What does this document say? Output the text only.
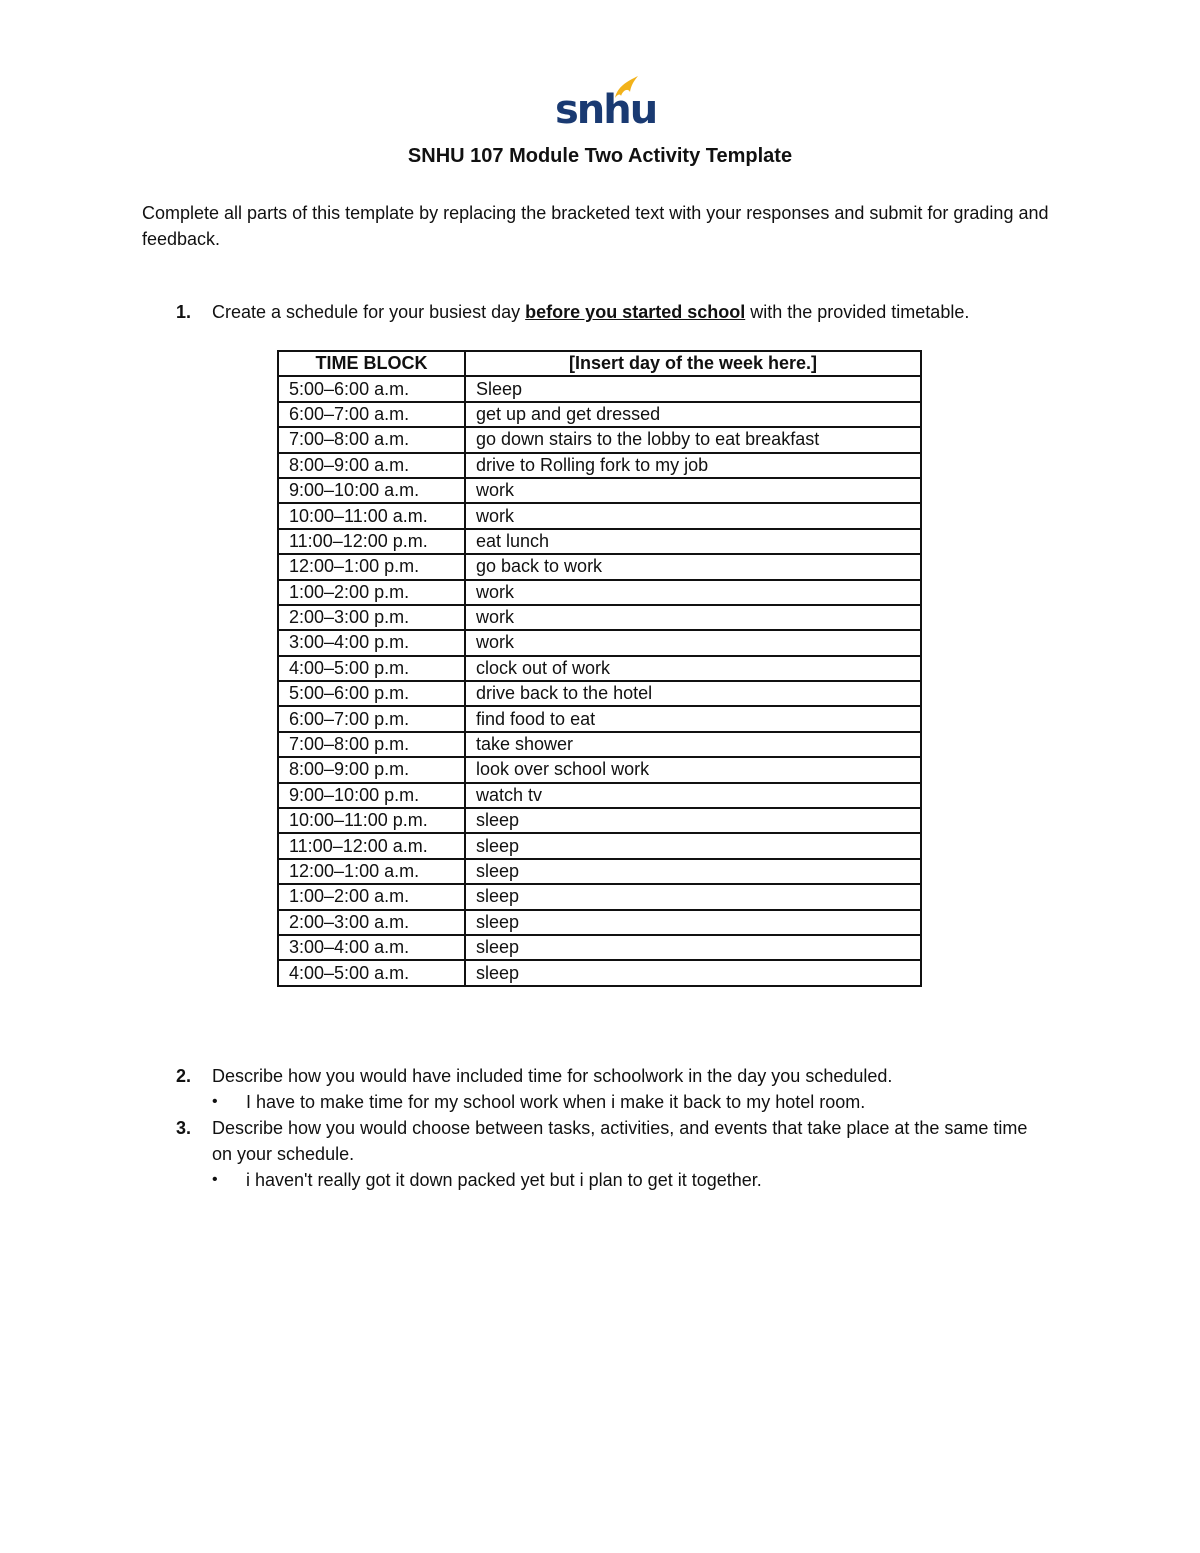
snhu
SNHU 107 Module Two Activity Template
Complete all parts of this template by replacing the bracketed text with your responses and submit for grading and feedback.
1. Create a schedule for your busiest day before you started school with the provided timetable.
TIME BLOCK	[Insert day of the week here.]
5:00–6:00 a.m.	Sleep
6:00–7:00 a.m.	get up and get dressed
7:00–8:00 a.m.	go down stairs to the lobby to eat breakfast
8:00–9:00 a.m.	drive to Rolling fork to my job
9:00–10:00 a.m.	work
10:00–11:00 a.m.	work
11:00–12:00 p.m.	eat lunch
12:00–1:00 p.m.	go back to work
1:00–2:00 p.m.	work
2:00–3:00 p.m.	work
3:00–4:00 p.m.	work
4:00–5:00 p.m.	clock out of work
5:00–6:00 p.m.	drive back to the hotel
6:00–7:00 p.m.	find food to eat
7:00–8:00 p.m.	take shower
8:00–9:00 p.m.	look over school work
9:00–10:00 p.m.	watch tv
10:00–11:00 p.m.	sleep
11:00–12:00 a.m.	sleep
12:00–1:00 a.m.	sleep
1:00–2:00 a.m.	sleep
2:00–3:00 a.m.	sleep
3:00–4:00 a.m.	sleep
4:00–5:00 a.m.	sleep
2. Describe how you would have included time for schoolwork in the day you scheduled.
• I have to make time for my school work when i make it back to my hotel room.
3. Describe how you would choose between tasks, activities, and events that take place at the same time on your schedule.
• i haven't really got it down packed yet but i plan to get it together.
